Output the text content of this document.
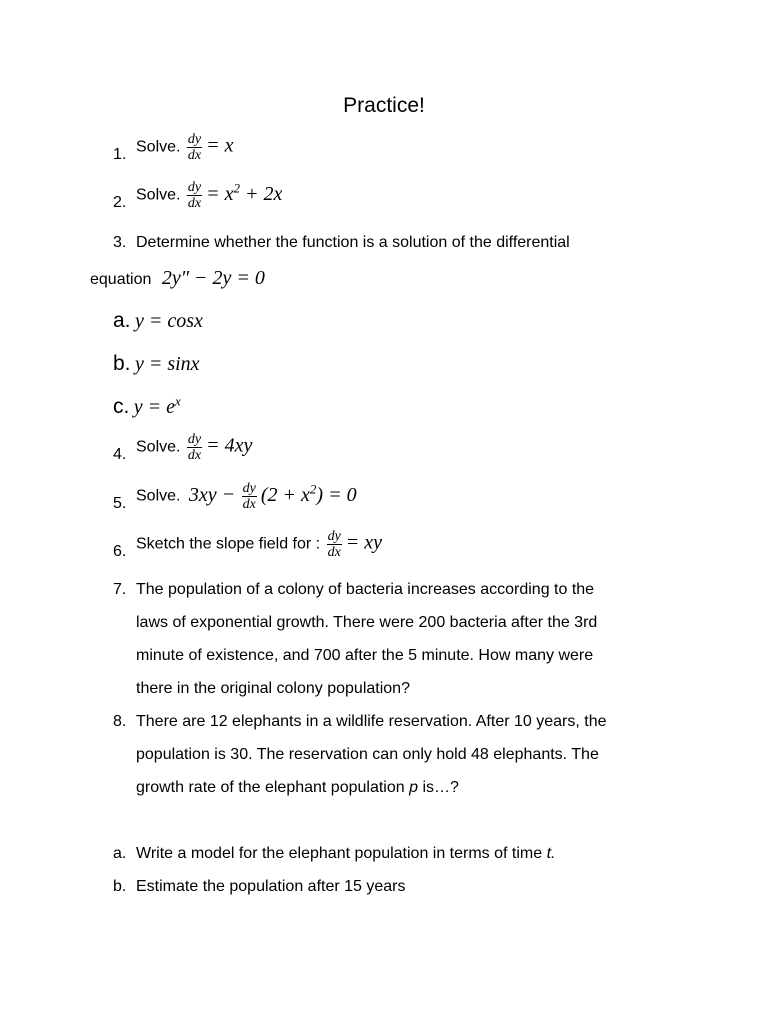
Practice!
1. Solve. $\frac{dy}{dx} = x$
2. Solve. $\frac{dy}{dx} = x^2 + 2x$
3. Determine whether the function is a solution of the differential
equation 2y″ − 2y = 0
a. y = cosx
b. y = sinx
c. $y = e^x$
4. Solve. $\frac{dy}{dx} = 4xy$
5. Solve. $3xy - \frac{dy}{dx} (2 + x^2) = 0$
6. Sketch the slope field for : $\frac{dy}{dx}$ = xy
7. The population of a colony of bacteria increases according to the
laws of exponential growth. There were 200 bacteria after the 3rd
minute of existence, and 700 after the 5 minute. How many were
there in the original colony population?
8. There are 12 elephants in a wildlife reservation. After 10 years, the
population is 30. The reservation can only hold 48 elephants. The
growth rate of the elephant population p is…?
a. Write a model for the elephant population in terms of time t.
b. Estimate the population after 15 years
